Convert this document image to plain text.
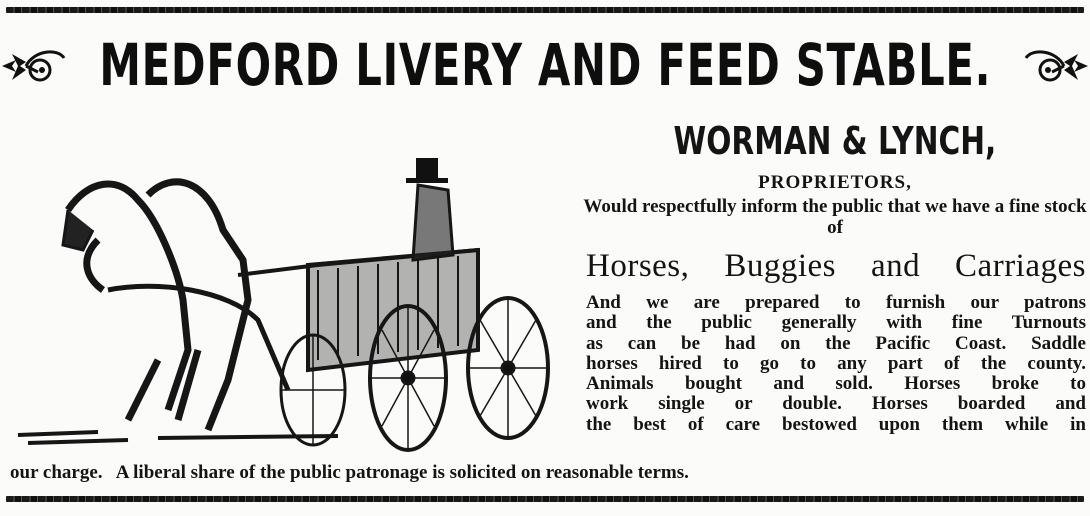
MEDFORD LIVERY AND FEED STABLE.
WORMAN & LYNCH,
PROPRIETORS,
Would respectfully inform the public that we have a fine stock of
Horses, Buggies and Carriages
And we are prepared to furnish our patrons
and the public generally with fine Turnouts
as can be had on the Pacific Coast. Saddle
horses hired to go to any part of the county.
Animals bought and sold. Horses broke to
work single or double. Horses boarded and
the best of care bestowed upon them while in
our charge.   A liberal share of the public patronage is solicited on reasonable terms.
